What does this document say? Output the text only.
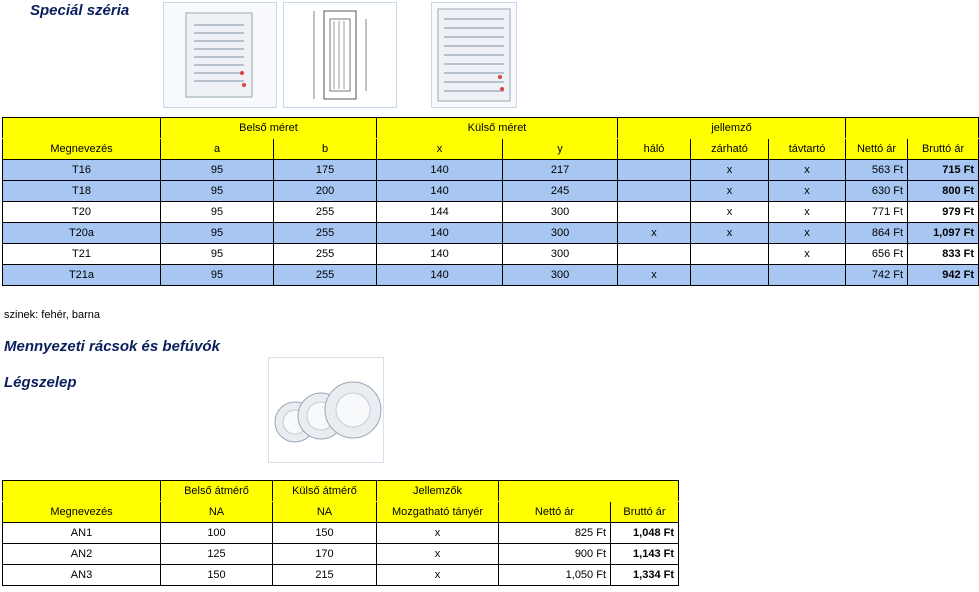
Speciál széria
	Belső méret		Külső méret		jellemző				
Megnevezés	a	b	x	y	háló	zárható	távtartó	Nettó ár	Bruttó ár
T16	95	175	140	217		x	x	563 Ft	715 Ft
T18	95	200	140	245		x	x	630 Ft	800 Ft
T20	95	255	144	300		x	x	771 Ft	979 Ft
T20a	95	255	140	300	x	x	x	864 Ft	1,097 Ft
T21	95	255	140	300			x	656 Ft	833 Ft
T21a	95	255	140	300	x			742 Ft	942 Ft
szinek: fehér, barna
Mennyezeti rácsok és befúvók
Légszelep
	Belső átmérő	Külső átmérő	Jellemzők		
Megnevezés	NA	NA	Mozgatható tányér	Nettó ár	Bruttó ár
AN1	100	150	x	825 Ft	1,048 Ft
AN2	125	170	x	900 Ft	1,143 Ft
AN3	150	215	x	1,050 Ft	1,334 Ft
